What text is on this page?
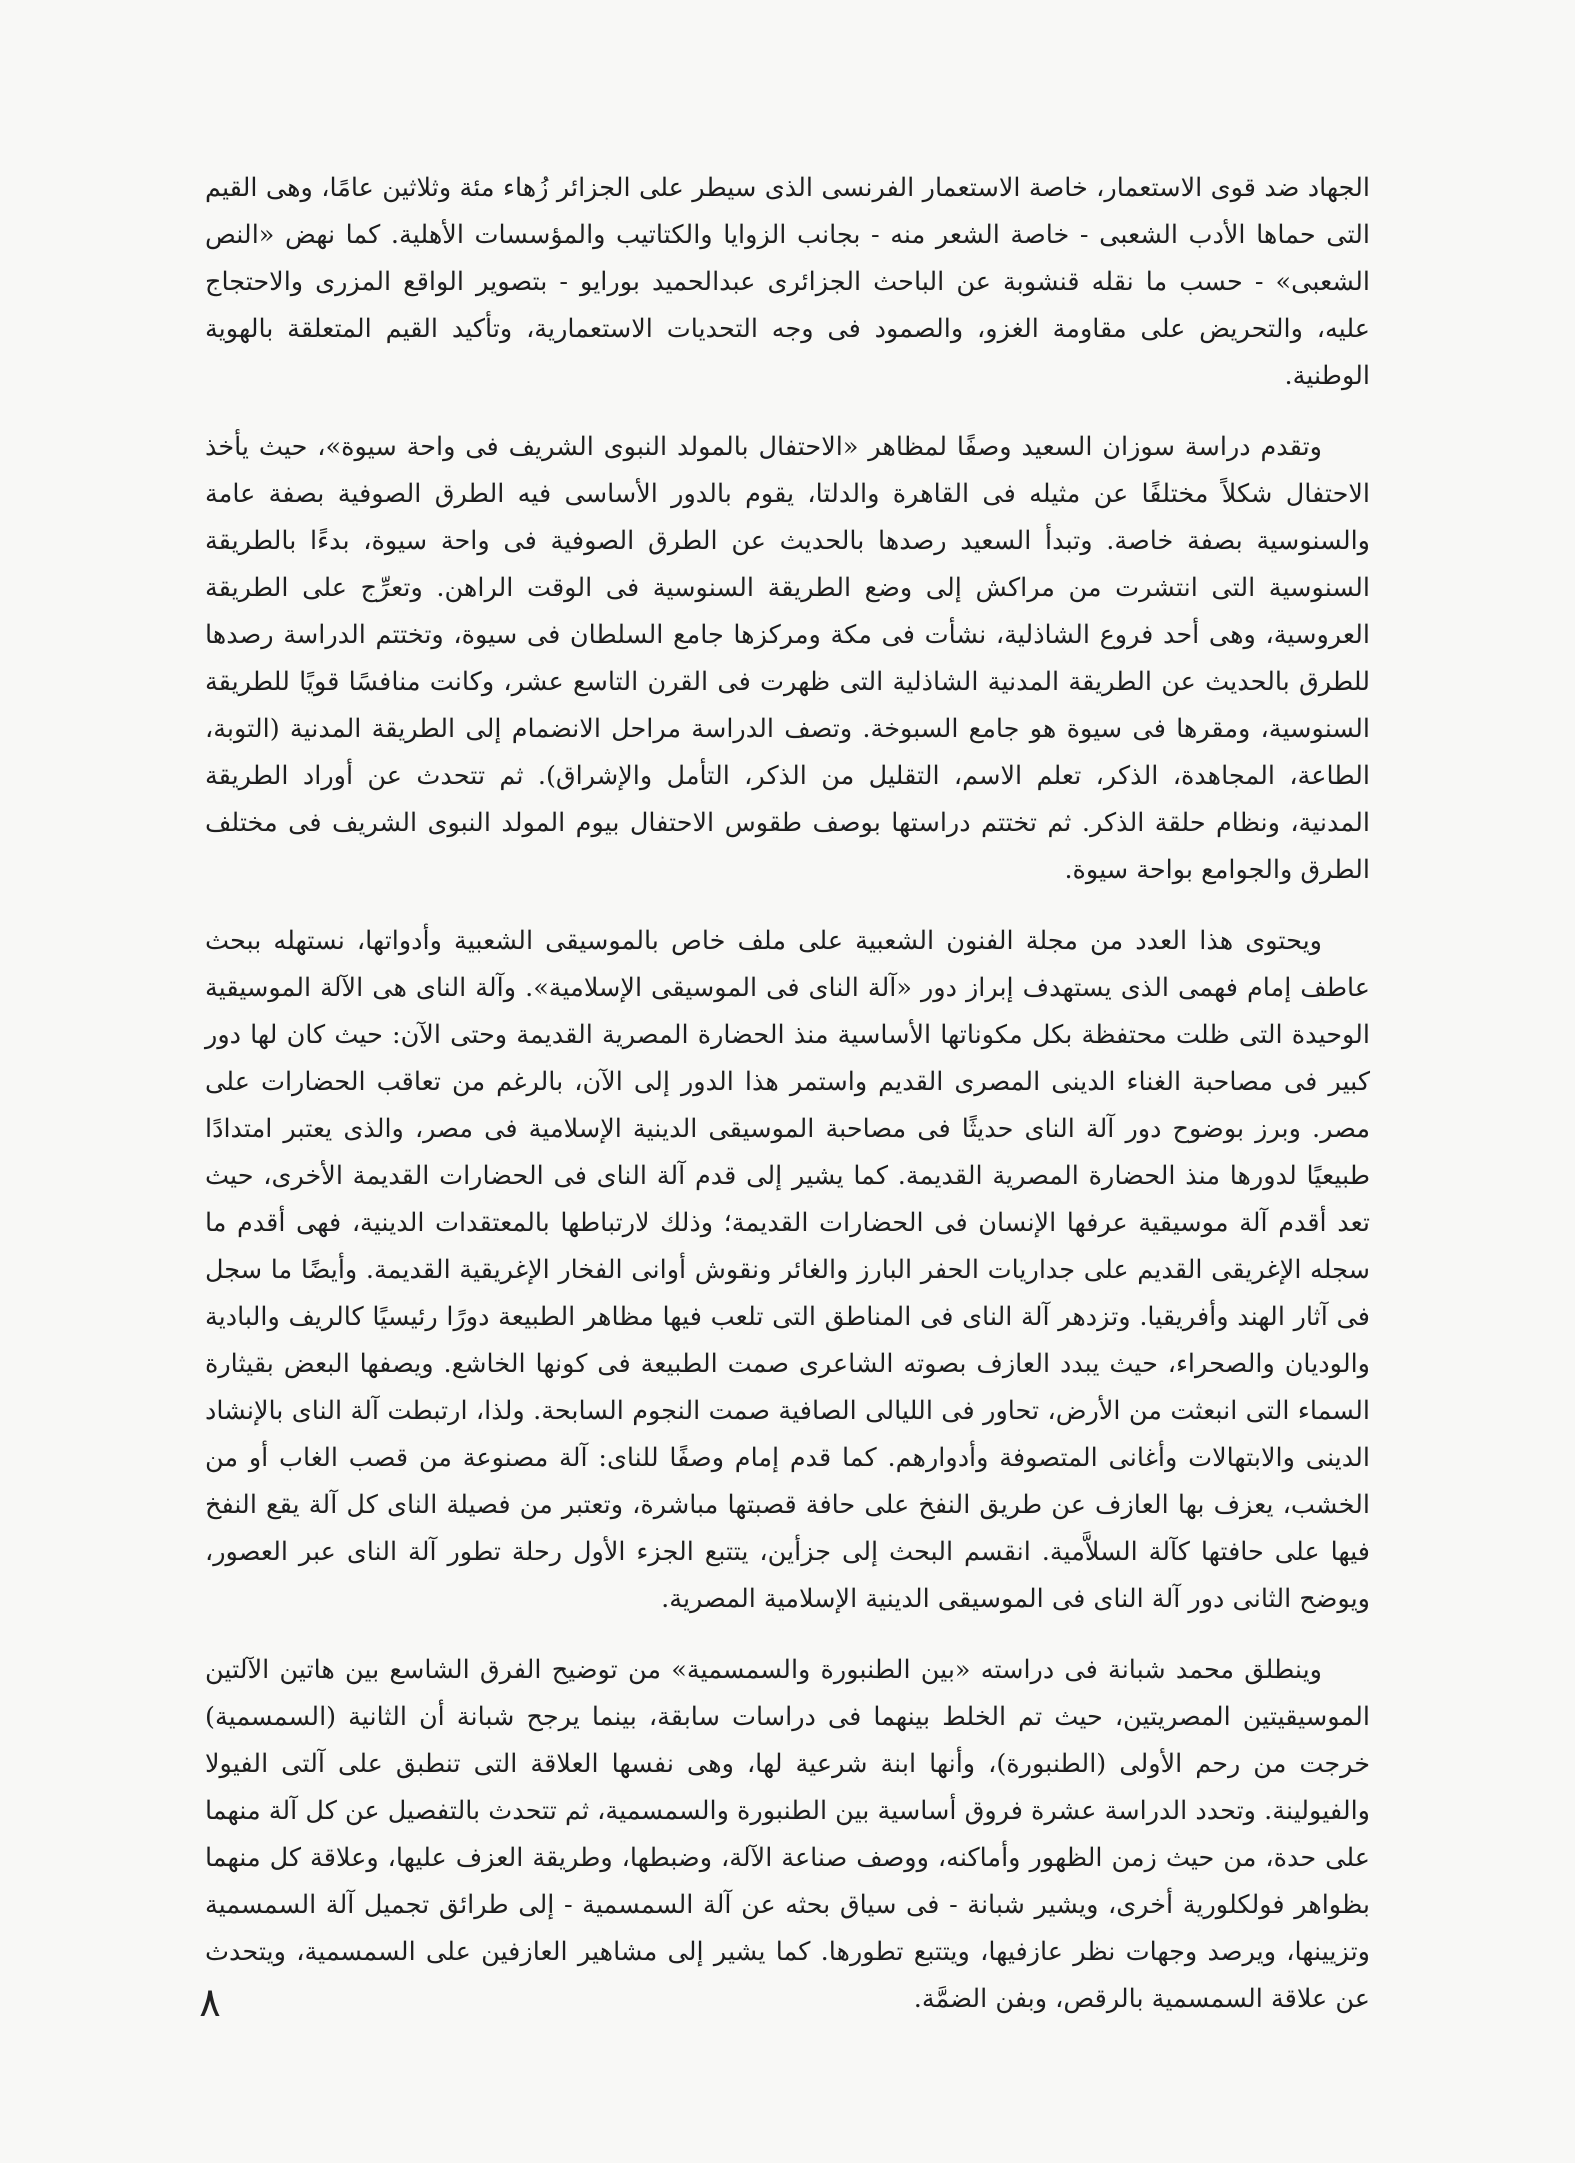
الجهاد ضد قوى الاستعمار، خاصة الاستعمار الفرنسى الذى سيطر على الجزائر زُهاء مئة وثلاثين عامًا، وهى القيم التى حماها الأدب الشعبى - خاصة الشعر منه - بجانب الزوايا والكتاتيب والمؤسسات الأهلية. كما نهض «النص الشعبى» - حسب ما نقله قنشوبة عن الباحث الجزائرى عبدالحميد بورايو - بتصوير الواقع المزرى والاحتجاج عليه، والتحريض على مقاومة الغزو، والصمود فى وجه التحديات الاستعمارية، وتأكيد القيم المتعلقة بالهوية الوطنية.

وتقدم دراسة سوزان السعيد وصفًا لمظاهر «الاحتفال بالمولد النبوى الشريف فى واحة سيوة»، حيث يأخذ الاحتفال شكلاً مختلفًا عن مثيله فى القاهرة والدلتا، يقوم بالدور الأساسى فيه الطرق الصوفية بصفة عامة والسنوسية بصفة خاصة. وتبدأ السعيد رصدها بالحديث عن الطرق الصوفية فى واحة سيوة، بدءًا بالطريقة السنوسية التى انتشرت من مراكش إلى وضع الطريقة السنوسية فى الوقت الراهن. وتعرِّج على الطريقة العروسية، وهى أحد فروع الشاذلية، نشأت فى مكة ومركزها جامع السلطان فى سيوة، وتختتم الدراسة رصدها للطرق بالحديث عن الطريقة المدنية الشاذلية التى ظهرت فى القرن التاسع عشر، وكانت منافسًا قويًا للطريقة السنوسية، ومقرها فى سيوة هو جامع السبوخة. وتصف الدراسة مراحل الانضمام إلى الطريقة المدنية (التوبة، الطاعة، المجاهدة، الذكر، تعلم الاسم، التقليل من الذكر، التأمل والإشراق). ثم تتحدث عن أوراد الطريقة المدنية، ونظام حلقة الذكر. ثم تختتم دراستها بوصف طقوس الاحتفال بيوم المولد النبوى الشريف فى مختلف الطرق والجوامع بواحة سيوة.

ويحتوى هذا العدد من مجلة الفنون الشعبية على ملف خاص بالموسيقى الشعبية وأدواتها، نستهله ببحث عاطف إمام فهمى الذى يستهدف إبراز دور «آلة الناى فى الموسيقى الإسلامية». وآلة الناى هى الآلة الموسيقية الوحيدة التى ظلت محتفظة بكل مكوناتها الأساسية منذ الحضارة المصرية القديمة وحتى الآن: حيث كان لها دور كبير فى مصاحبة الغناء الدينى المصرى القديم واستمر هذا الدور إلى الآن، بالرغم من تعاقب الحضارات على مصر. وبرز بوضوح دور آلة الناى حديثًا فى مصاحبة الموسيقى الدينية الإسلامية فى مصر، والذى يعتبر امتدادًا طبيعيًا لدورها منذ الحضارة المصرية القديمة. كما يشير إلى قدم آلة الناى فى الحضارات القديمة الأخرى، حيث تعد أقدم آلة موسيقية عرفها الإنسان فى الحضارات القديمة؛ وذلك لارتباطها بالمعتقدات الدينية، فهى أقدم ما سجله الإغريقى القديم على جداريات الحفر البارز والغائر ونقوش أوانى الفخار الإغريقية القديمة. وأيضًا ما سجل فى آثار الهند وأفريقيا. وتزدهر آلة الناى فى المناطق التى تلعب فيها مظاهر الطبيعة دورًا رئيسيًا كالريف والبادية والوديان والصحراء، حيث يبدد العازف بصوته الشاعرى صمت الطبيعة فى كونها الخاشع. ويصفها البعض بقيثارة السماء التى انبعثت من الأرض، تحاور فى الليالى الصافية صمت النجوم السابحة. ولذا، ارتبطت آلة الناى بالإنشاد الدينى والابتهالات وأغانى المتصوفة وأدوارهم. كما قدم إمام وصفًا للناى: آلة مصنوعة من قصب الغاب أو من الخشب، يعزف بها العازف عن طريق النفخ على حافة قصبتها مباشرة، وتعتبر من فصيلة الناى كل آلة يقع النفخ فيها على حافتها كآلة السلاَّمية. انقسم البحث إلى جزأين، يتتبع الجزء الأول رحلة تطور آلة الناى عبر العصور، ويوضح الثانى دور آلة الناى فى الموسيقى الدينية الإسلامية المصرية.

وينطلق محمد شبانة فى دراسته «بين الطنبورة والسمسمية» من توضيح الفرق الشاسع بين هاتين الآلتين الموسيقيتين المصريتين، حيث تم الخلط بينهما فى دراسات سابقة، بينما يرجح شبانة أن الثانية (السمسمية) خرجت من رحم الأولى (الطنبورة)، وأنها ابنة شرعية لها، وهى نفسها العلاقة التى تنطبق على آلتى الفيولا والفيولينة. وتحدد الدراسة عشرة فروق أساسية بين الطنبورة والسمسمية، ثم تتحدث بالتفصيل عن كل آلة منهما على حدة، من حيث زمن الظهور وأماكنه، ووصف صناعة الآلة، وضبطها، وطريقة العزف عليها، وعلاقة كل منهما بظواهر فولكلورية أخرى، ويشير شبانة - فى سياق بحثه عن آلة السمسمية - إلى طرائق تجميل آلة السمسمية وتزيينها، ويرصد وجهات نظر عازفيها، ويتتبع تطورها. كما يشير إلى مشاهير العازفين على السمسمية، ويتحدث عن علاقة السمسمية بالرقص، وبفن الضمَّة.

٨
